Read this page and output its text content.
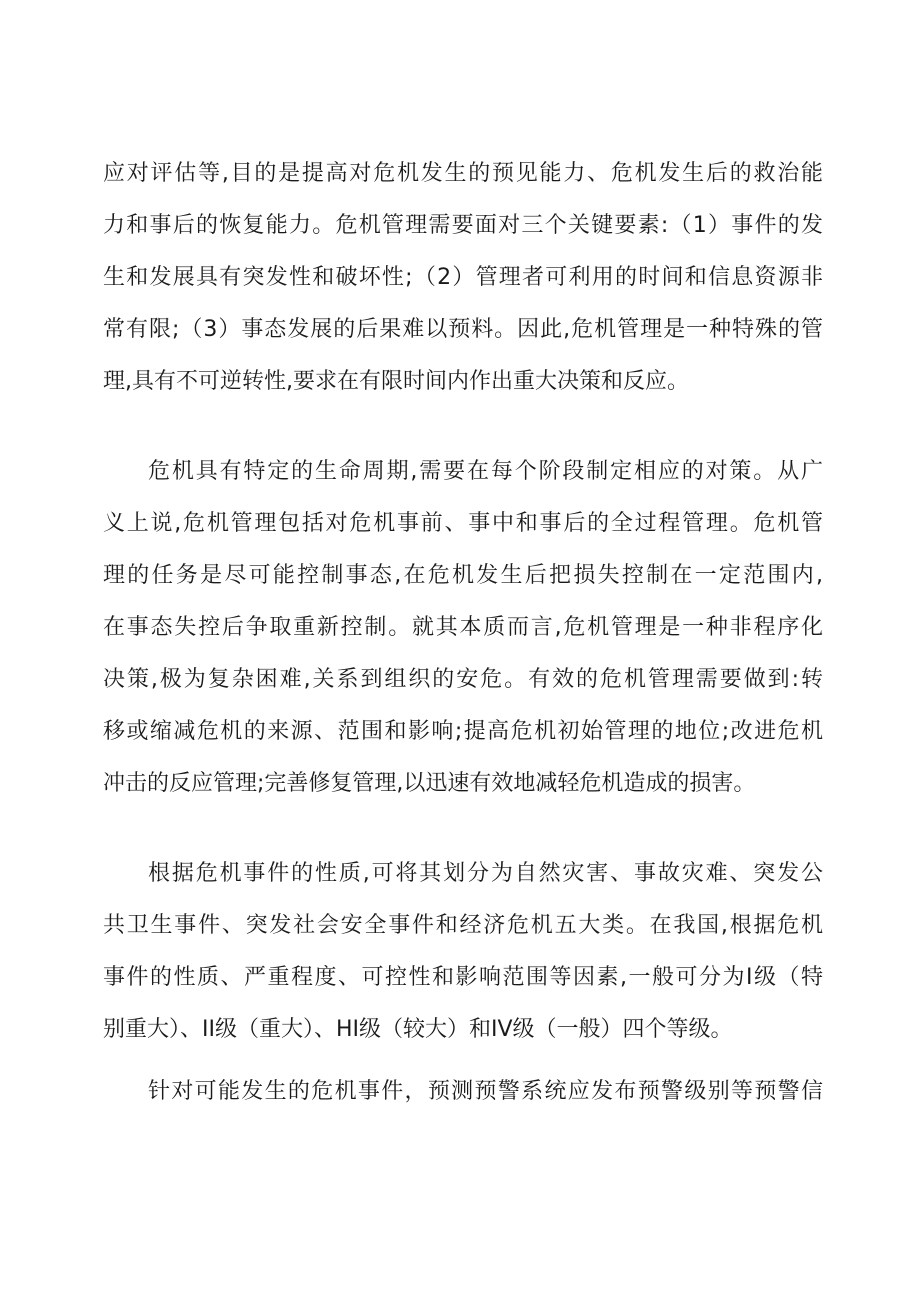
应对评估等,目的是提高对危机发生的预见能力、危机发生后的救治能
力和事后的恢复能力。危机管理需要面对三个关键要素:（1）事件的发
生和发展具有突发性和破坏性;（2）管理者可利用的时间和信息资源非
常有限;（3）事态发展的后果难以预料。因此,危机管理是一种特殊的管
理,具有不可逆转性,要求在有限时间内作出重大决策和反应。
危机具有特定的生命周期,需要在每个阶段制定相应的对策。从广
义上说,危机管理包括对危机事前、事中和事后的全过程管理。危机管
理的任务是尽可能控制事态,在危机发生后把损失控制在一定范围内,
在事态失控后争取重新控制。就其本质而言,危机管理是一种非程序化
决策,极为复杂困难,关系到组织的安危。有效的危机管理需要做到:转
移或缩减危机的来源、范围和影响;提高危机初始管理的地位;改进危机
冲击的反应管理;完善修复管理,以迅速有效地减轻危机造成的损害。
根据危机事件的性质,可将其划分为自然灾害、事故灾难、突发公
共卫生事件、突发社会安全事件和经济危机五大类。在我国,根据危机
事件的性质、严重程度、可控性和影响范围等因素,一般可分为I级（特
别重大）、II级（重大）、HI级（较大）和IV级（一般）四个等级。
针对可能发生的危机事件，预测预警系统应发布预警级别等预警信
